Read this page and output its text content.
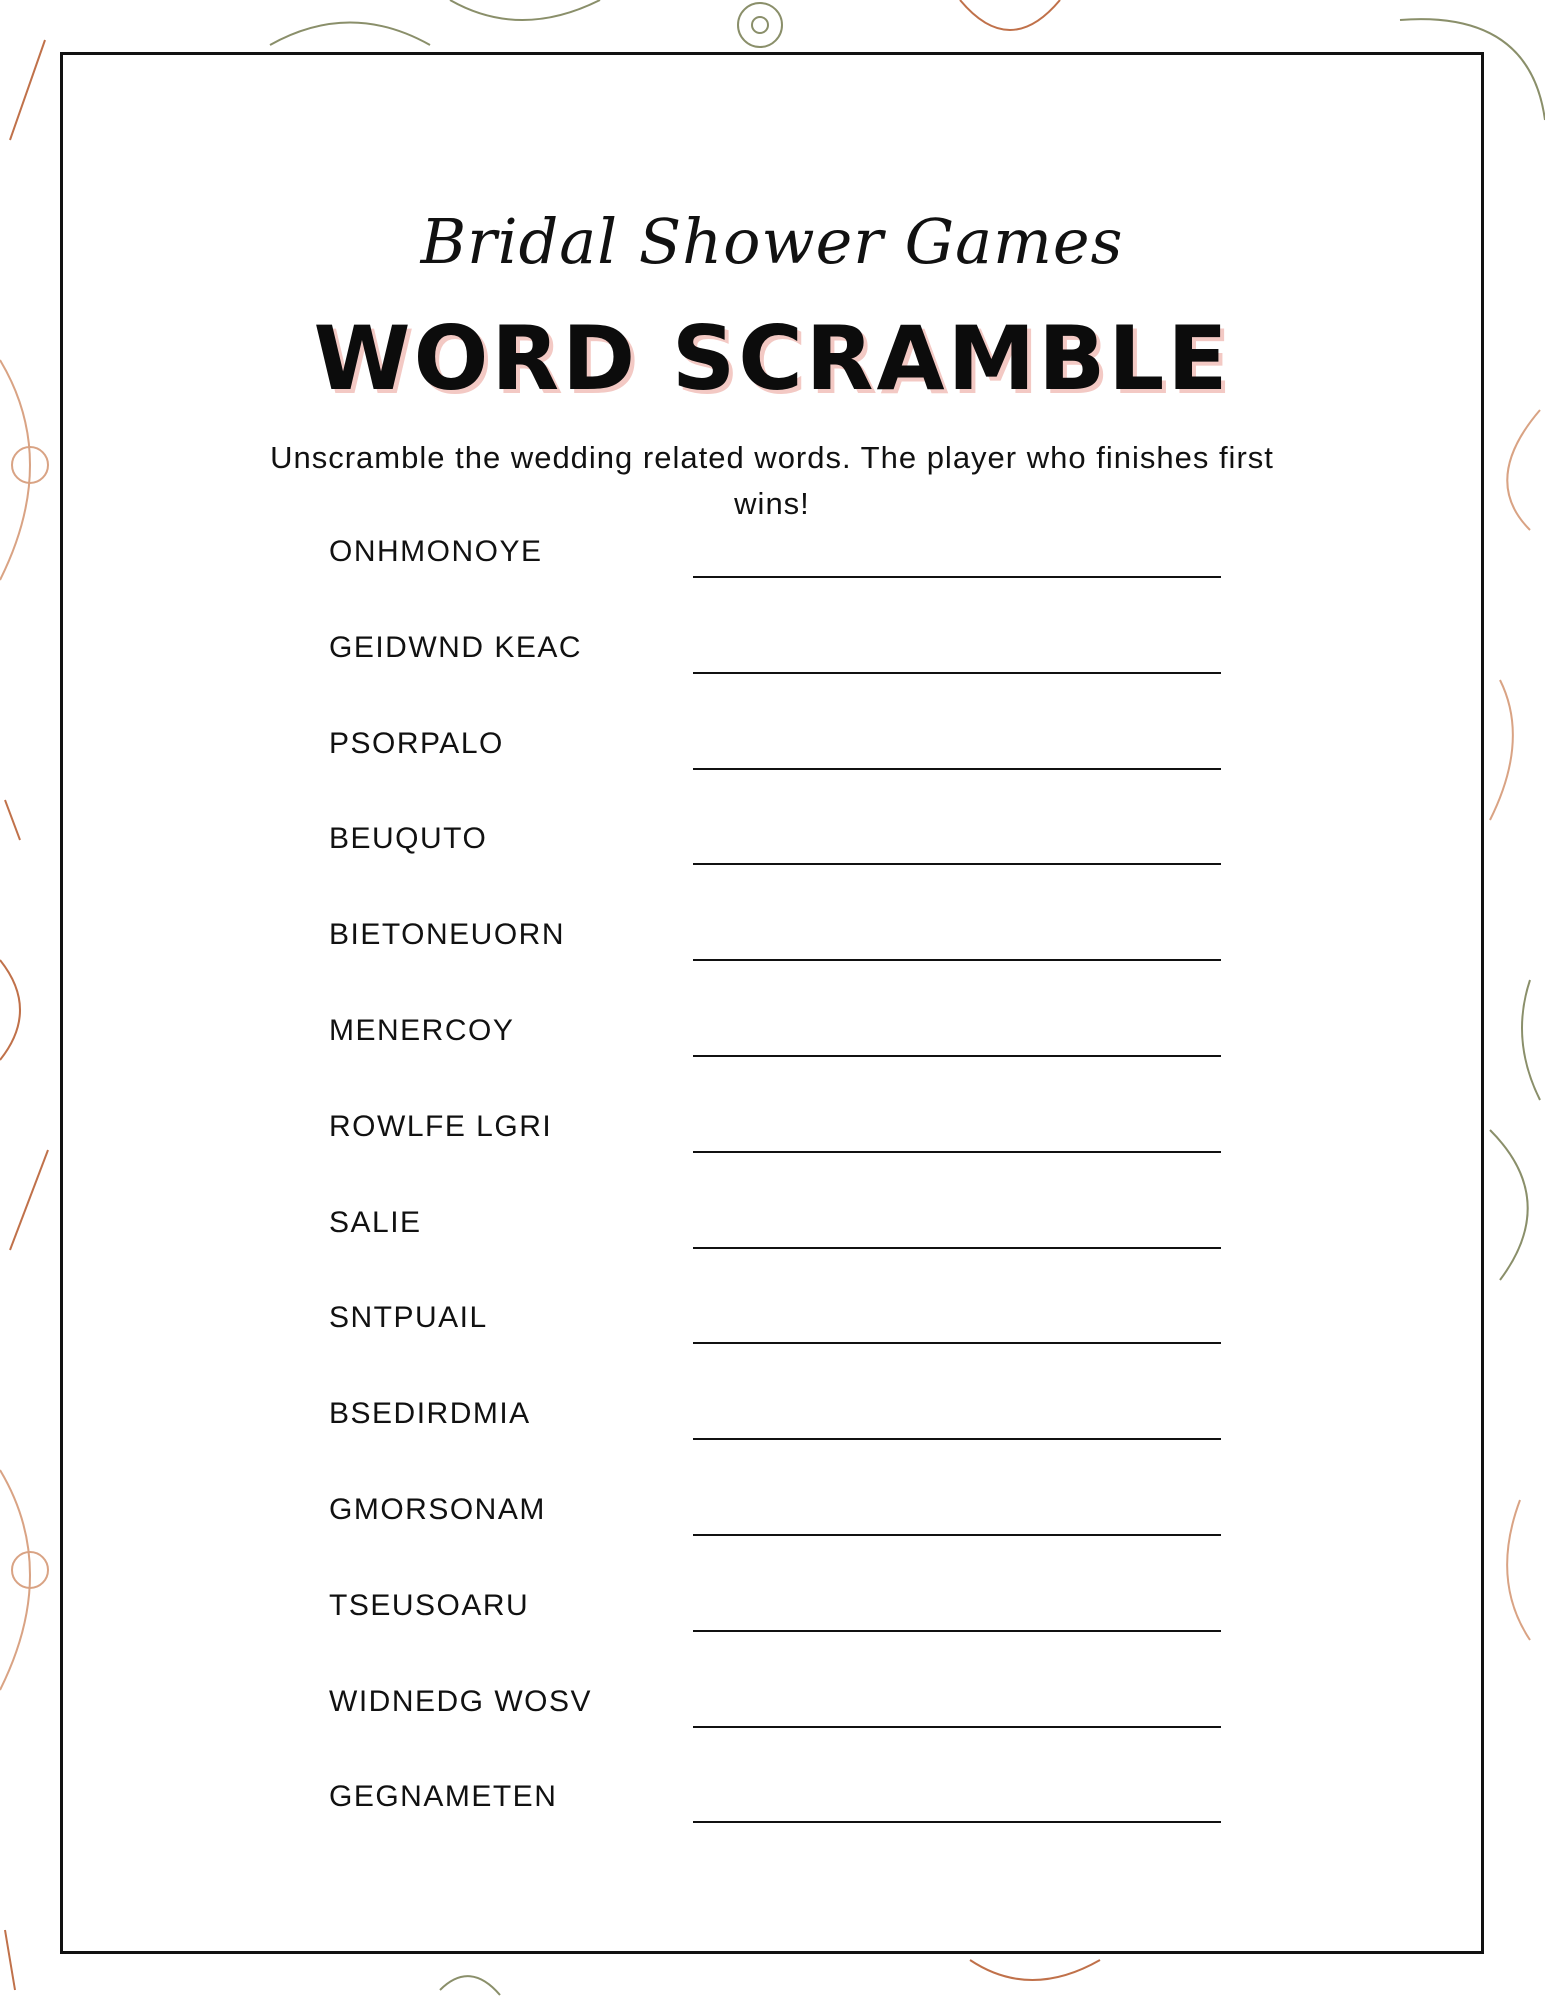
Bridal Shower Games
WORD SCRAMBLE
Unscramble the wedding related words. The player who finishes first wins!
ONHMONOYE
GEIDWND KEAC
PSORPALO
BEUQUTO
BIETONEUORN
MENERCOY
ROWLFE LGRI
SALIE
SNTPUAIL
BSEDIRDMIA
GMORSONAM
TSEUSOARU
WIDNEDG WOSV
GEGNAMETEN
